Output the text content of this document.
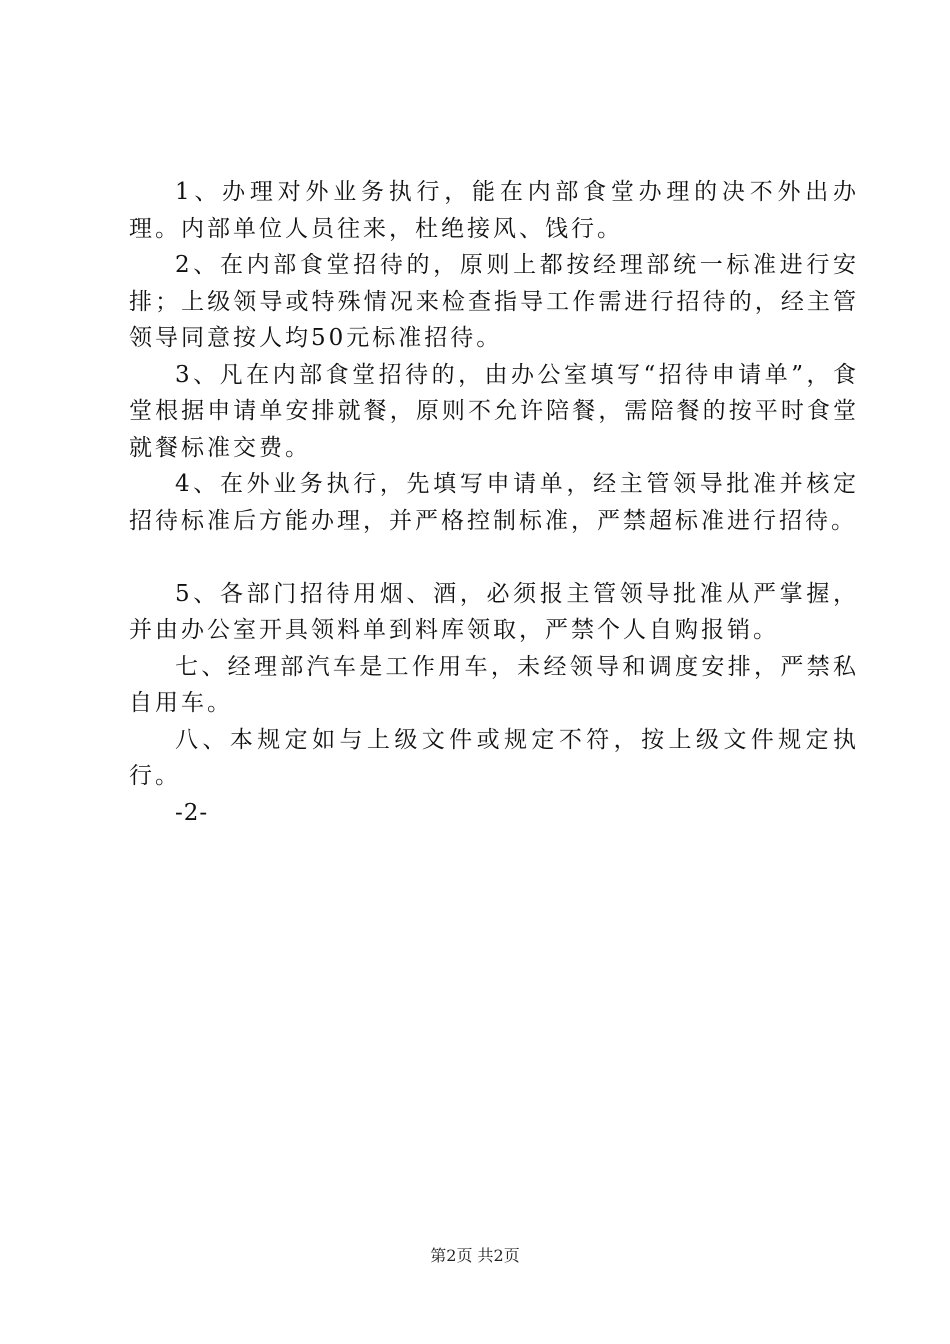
1、办理对外业务执行，能在内部食堂办理的决不外出办理。内部单位人员往来，杜绝接风、饯行。

2、在内部食堂招待的，原则上都按经理部统一标准进行安排；上级领导或特殊情况来检查指导工作需进行招待的，经主管领导同意按人均50元标准招待。

3、凡在内部食堂招待的，由办公室填写“招待申请单”，食堂根据申请单安排就餐，原则不允许陪餐，需陪餐的按平时食堂就餐标准交费。

4、在外业务执行，先填写申请单，经主管领导批准并核定招待标准后方能办理，并严格控制标准，严禁超标准进行招待。

5、各部门招待用烟、酒，必须报主管领导批准从严掌握，并由办公室开具领料单到料库领取，严禁个人自购报销。

七、经理部汽车是工作用车，未经领导和调度安排，严禁私自用车。

八、本规定如与上级文件或规定不符，按上级文件规定执行。

-2-

第2页 共2页
